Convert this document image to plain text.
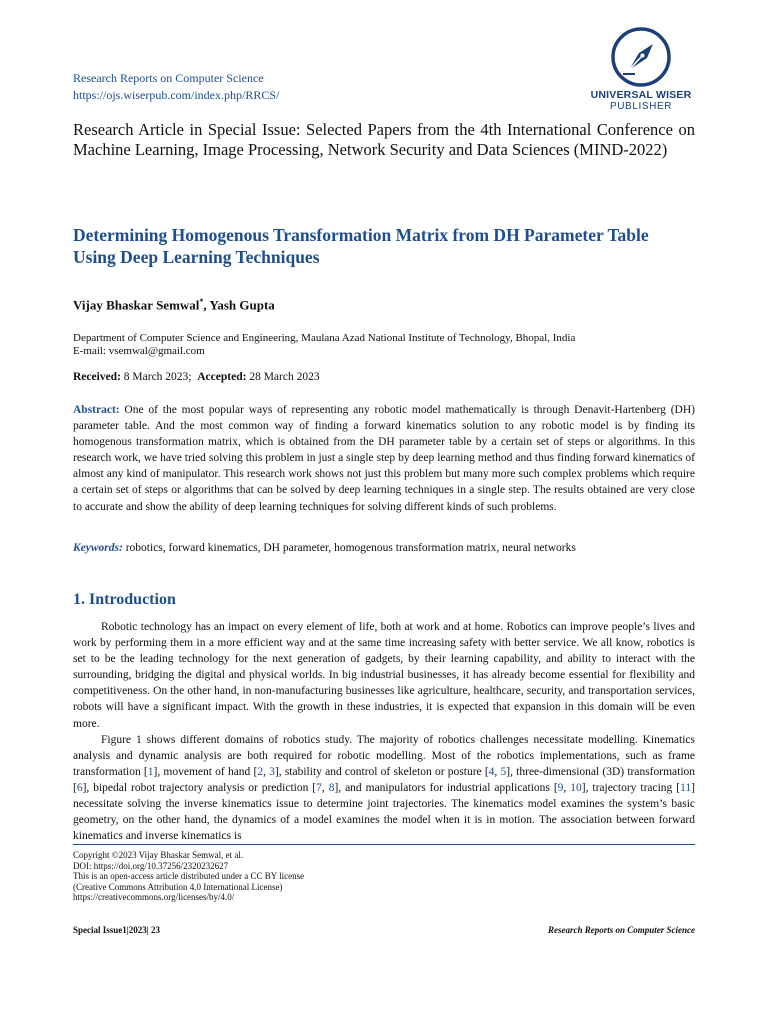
Research Reports on Computer Science
https://ojs.wiserpub.com/index.php/RRCS/	UNIVERSAL WISER
PUBLISHER
Research Article in Special Issue: Selected Papers from the 4th International Conference on Machine Learning, Image Processing, Network Security and Data Sciences (MIND-2022)
Determining Homogenous Transformation Matrix from DH Parameter Table Using Deep Learning Techniques
Vijay Bhaskar Semwal*, Yash Gupta
Department of Computer Science and Engineering, Maulana Azad National Institute of Technology, Bhopal, India
E-mail: vsemwal@gmail.com
Received: 8 March 2023; Accepted: 28 March 2023
Abstract: One of the most popular ways of representing any robotic model mathematically is through Denavit-Hartenberg (DH) parameter table. And the most common way of finding a forward kinematics solution to any robotic model is by finding its homogenous transformation matrix, which is obtained from the DH parameter table by a certain set of steps or algorithms. In this research work, we have tried solving this problem in just a single step by deep learning method and thus finding forward kinematics of almost any kind of manipulator. This research work shows not just this problem but many more such complex problems which require a certain set of steps or algorithms that can be solved by deep learning techniques in a single step. The results obtained are very close to accurate and show the ability of deep learning techniques for solving different kinds of such problems.
Keywords: robotics, forward kinematics, DH parameter, homogenous transformation matrix, neural networks
1. Introduction

Robotic technology has an impact on every element of life, both at work and at home. Robotics can improve people’s lives and work by performing them in a more efficient way and at the same time increasing safety with better service. We all know, robotics is set to be the leading technology for the next generation of gadgets, by their learning capability, and ability to interact with the surrounding, bridging the digital and physical worlds. In big industrial businesses, it has already become essential for flexibility and competitiveness. On the other hand, in non-manufacturing businesses like agriculture, healthcare, security, and transportation services, robots will have a significant impact. With the growth in these industries, it is expected that expansion in this domain will be even more.

Figure 1 shows different domains of robotics study. The majority of robotics challenges necessitate modelling. Kinematics analysis and dynamic analysis are both required for robotic modelling. Most of the robotics implementations, such as frame transformation [1], movement of hand [2, 3], stability and control of skeleton or posture [4, 5], three-dimensional (3D) transformation [6], bipedal robot trajectory analysis or prediction [7, 8], and manipulators for industrial applications [9, 10], trajectory tracing [11] necessitate solving the inverse kinematics issue to determine joint trajectories. The kinematics model examines the system’s basic geometry, on the other hand, the dynamics of a model examines the model when it is in motion. The association between forward kinematics and inverse kinematics is

Copyright ©2023 Vijay Bhaskar Semwal, et al.
DOI: https://doi.org/10.37256/2320232627
This is an open-access article distributed under a CC BY license
(Creative Commons Attribution 4.0 International License)
https://creativecommons.org/licenses/by/4.0/
Special Issue1|2023| 23	Research Reports on Computer Science
